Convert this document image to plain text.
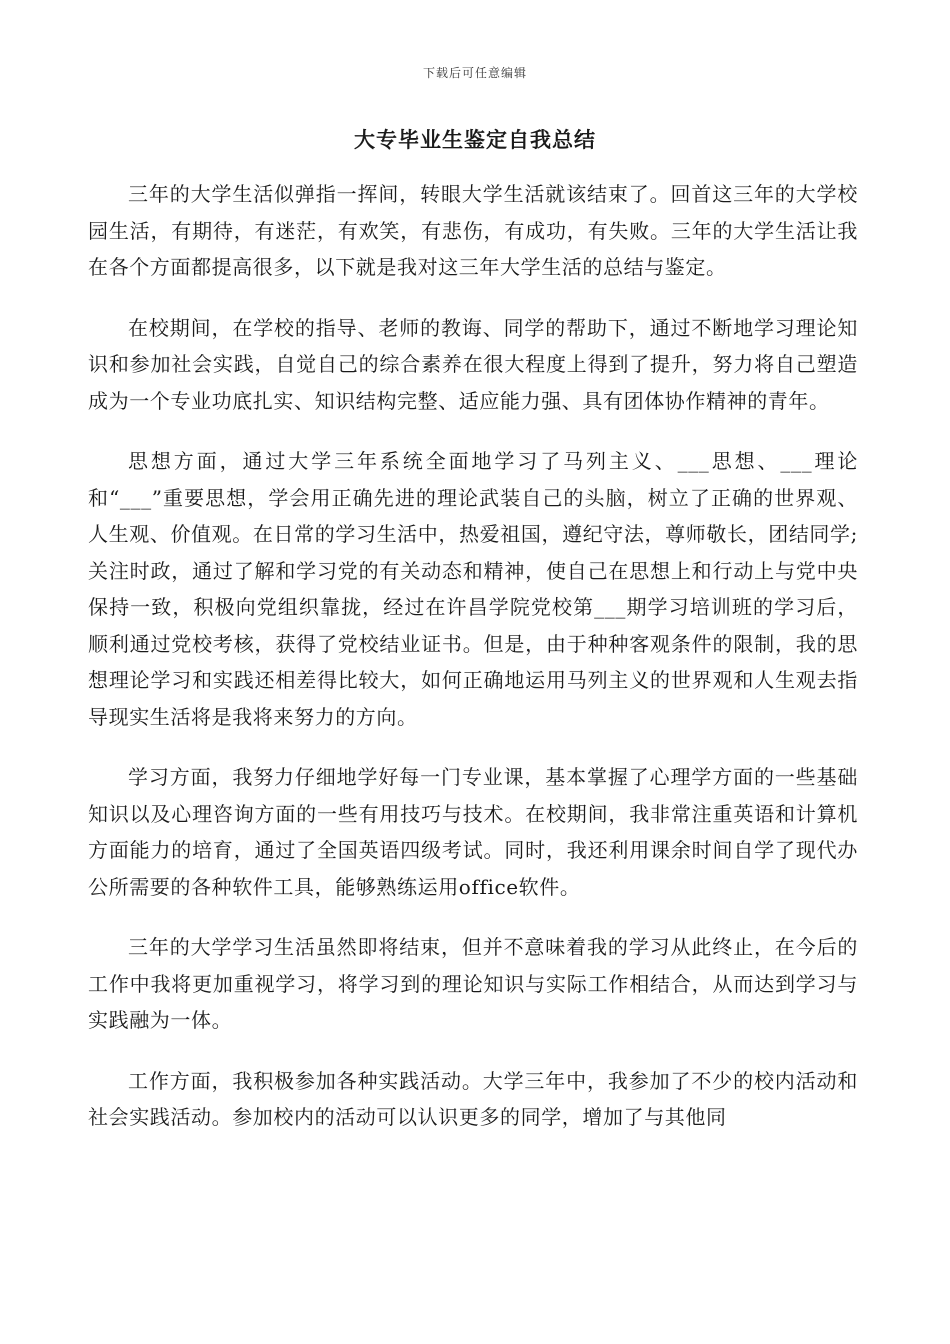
下载后可任意编辑
大专毕业生鉴定自我总结

三年的大学生活似弹指一挥间，转眼大学生活就该结束了。回首这三年的大学校园生活，有期待，有迷茫，有欢笑，有悲伤，有成功，有失败。三年的大学生活让我在各个方面都提高很多，以下就是我对这三年大学生活的总结与鉴定。

在校期间，在学校的指导、老师的教诲、同学的帮助下，通过不断地学习理论知识和参加社会实践，自觉自己的综合素养在很大程度上得到了提升，努力将自己塑造成为一个专业功底扎实、知识结构完整、适应能力强、具有团体协作精神的青年。

思想方面，通过大学三年系统全面地学习了马列主义、___思想、___理论和“___”重要思想，学会用正确先进的理论武装自己的头脑，树立了正确的世界观、人生观、价值观。在日常的学习生活中，热爱祖国，遵纪守法，尊师敬长，团结同学;关注时政，通过了解和学习党的有关动态和精神，使自己在思想上和行动上与党中央保持一致，积极向党组织靠拢，经过在许昌学院党校第___期学习培训班的学习后，顺利通过党校考核，获得了党校结业证书。但是，由于种种客观条件的限制，我的思想理论学习和实践还相差得比较大，如何正确地运用马列主义的世界观和人生观去指导现实生活将是我将来努力的方向。

学习方面，我努力仔细地学好每一门专业课，基本掌握了心理学方面的一些基础知识以及心理咨询方面的一些有用技巧与技术。在校期间，我非常注重英语和计算机方面能力的培育，通过了全国英语四级考试。同时，我还利用课余时间自学了现代办公所需要的各种软件工具，能够熟练运用office软件。

三年的大学学习生活虽然即将结束，但并不意味着我的学习从此终止，在今后的工作中我将更加重视学习，将学习到的理论知识与实际工作相结合，从而达到学习与实践融为一体。

工作方面，我积极参加各种实践活动。大学三年中，我参加了不少的校内活动和社会实践活动。参加校内的活动可以认识更多的同学，增加了与其他同
